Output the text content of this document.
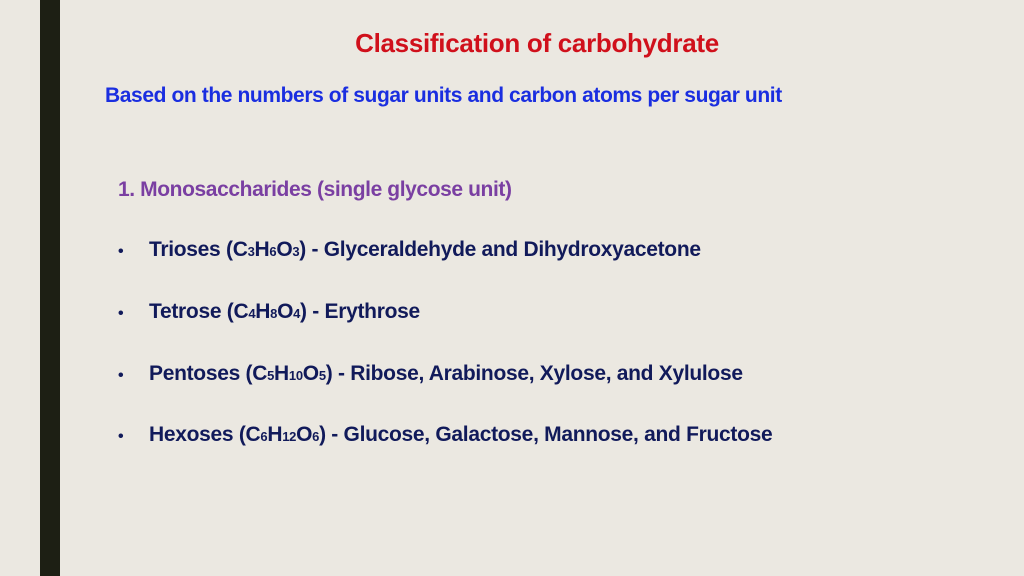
Classification of carbohydrate
Based on the numbers of sugar units and carbon atoms per sugar unit
1. Monosaccharides (single glycose unit)
•	Trioses ( C 3 H 6 O 3 ) - Glyceraldehyde and Dihydroxyacetone
•	Tetrose ( C 4 H 8 O 4 ) - Erythrose
•	Pentoses ( C 5 H 10 O 5 ) - Ribose, Arabinose, Xylose, and Xylulose
•	Hexoses ( C 6 H 12 O 6 ) - Glucose, Galactose, Mannose, and Fructose
